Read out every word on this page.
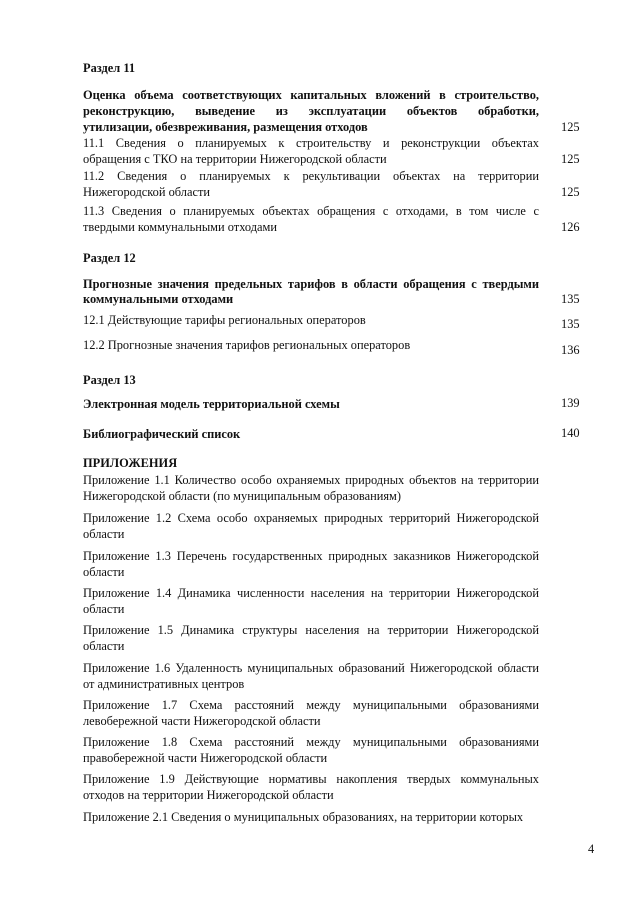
Раздел 11
Оценка объема соответствующих капитальных вложений в строительство,
реконструкцию, выведение из эксплуатации объектов обработки,
утилизации, обезвреживания, размещения отходов	125
11.1 Сведения о планируемых к строительству и реконструкции объектах
обращения с ТКО на территории Нижегородской области	125
11.2 Сведения о планируемых к рекультивации объектах на территории
Нижегородской области	125
11.3 Сведения о планируемых объектах обращения с отходами, в том числе с
твердыми коммунальными отходами	126
Раздел 12
Прогнозные значения предельных тарифов в области обращения с твердыми
коммунальными отходами	135
12.1 Действующие тарифы региональных операторов	135
12.2 Прогнозные значения тарифов региональных операторов	136
Раздел 13
Электронная модель территориальной схемы	139
Библиографический список	140
ПРИЛОЖЕНИЯ
Приложение 1.1 Количество особо охраняемых природных объектов на территории
Нижегородской области (по муниципальным образованиям)
Приложение 1.2 Схема особо охраняемых природных территорий Нижегородской
области
Приложение 1.3 Перечень государственных природных заказников Нижегородской
области
Приложение 1.4 Динамика численности населения на территории Нижегородской
области
Приложение 1.5 Динамика структуры населения на территории Нижегородской
области
Приложение 1.6 Удаленность муниципальных образований Нижегородской области
от административных центров
Приложение 1.7 Схема расстояний между муниципальными образованиями
левобережной части Нижегородской области
Приложение 1.8 Схема расстояний между муниципальными образованиями
правобережной части Нижегородской области
Приложение 1.9 Действующие нормативы накопления твердых коммунальных
отходов на территории Нижегородской области
Приложение 2.1 Сведения о муниципальных образованиях, на территории которых
4
